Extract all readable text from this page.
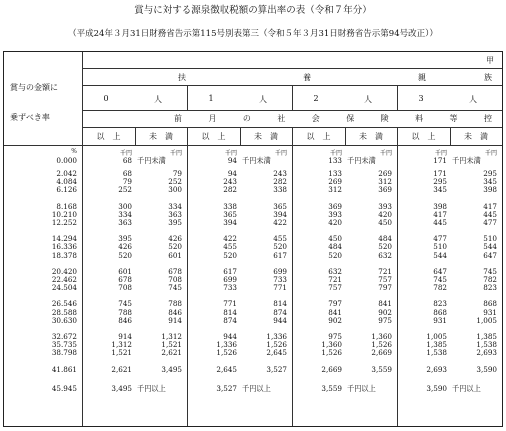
賞与に対する源泉徴収税額の算出率の表（令和７年分）
（平成24年３月31日財務省告示第115号別表第三（令和５年３月31日財務省告示第94号改正））
甲
扶	養	親	族
賞与の金額に
乗ずべき率
0	人	1	人	2	人	3	人
前	月	の	社	会	保	険	料	等	控
以　上	未　満	以　上	未　満	以　上	未　満	以　上	未　満
%	千円	千円	千円	千円	千円	千円	千円	千円
0.000	68 千円未満	94 千円未満	133 千円未満	171 千円未満
2.042	68	79	94	243	133	269	171	295
4.084	79	252	243	282	269	312	295	345
6.126	252	300	282	338	312	369	345	398
8.168	300	334	338	365	369	393	398	417
10.210	334	363	365	394	393	420	417	445
12.252	363	395	394	422	420	450	445	477
14.294	395	426	422	455	450	484	477	510
16.336	426	520	455	520	484	520	510	544
18.378	520	601	520	617	520	632	544	647
20.420	601	678	617	699	632	721	647	745
22.462	678	708	699	733	721	757	745	782
24.504	708	745	733	771	757	797	782	823
26.546	745	788	771	814	797	841	823	868
28.588	788	846	814	874	841	902	868	931
30.630	846	914	874	944	902	975	931	1,005
32.672	914	1,312	944	1,336	975	1,360	1,005	1,385
35.735	1,312	1,521	1,336	1,526	1,360	1,526	1,385	1,538
38.798	1,521	2,621	1,526	2,645	1,526	2,669	1,538	2,693
41.861	2,621	3,495	2,645	3,527	2,669	3,559	2,693	3,590
45.945	3,495 千円以上	3,527 千円以上	3,559 千円以上	3,590 千円以上
